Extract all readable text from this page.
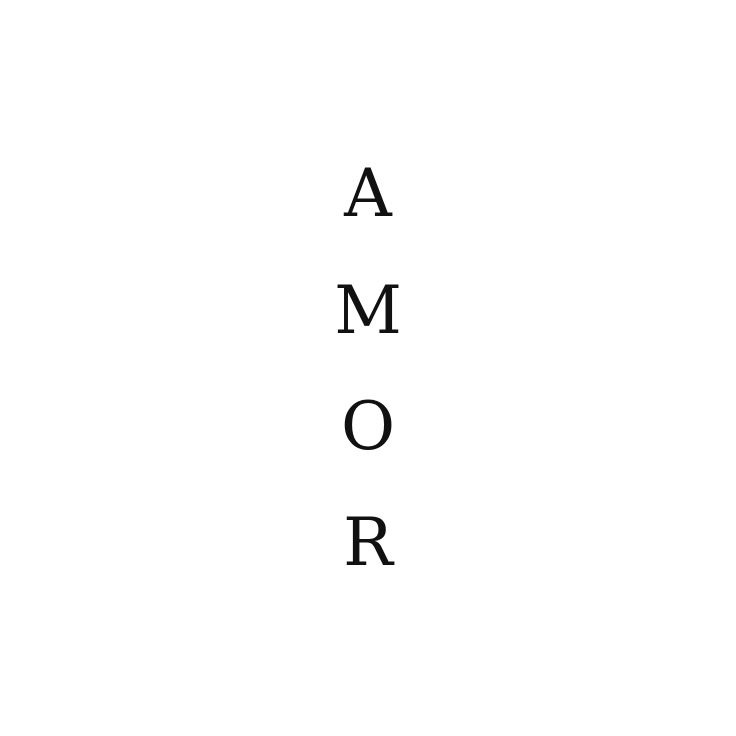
A
M
O
R
